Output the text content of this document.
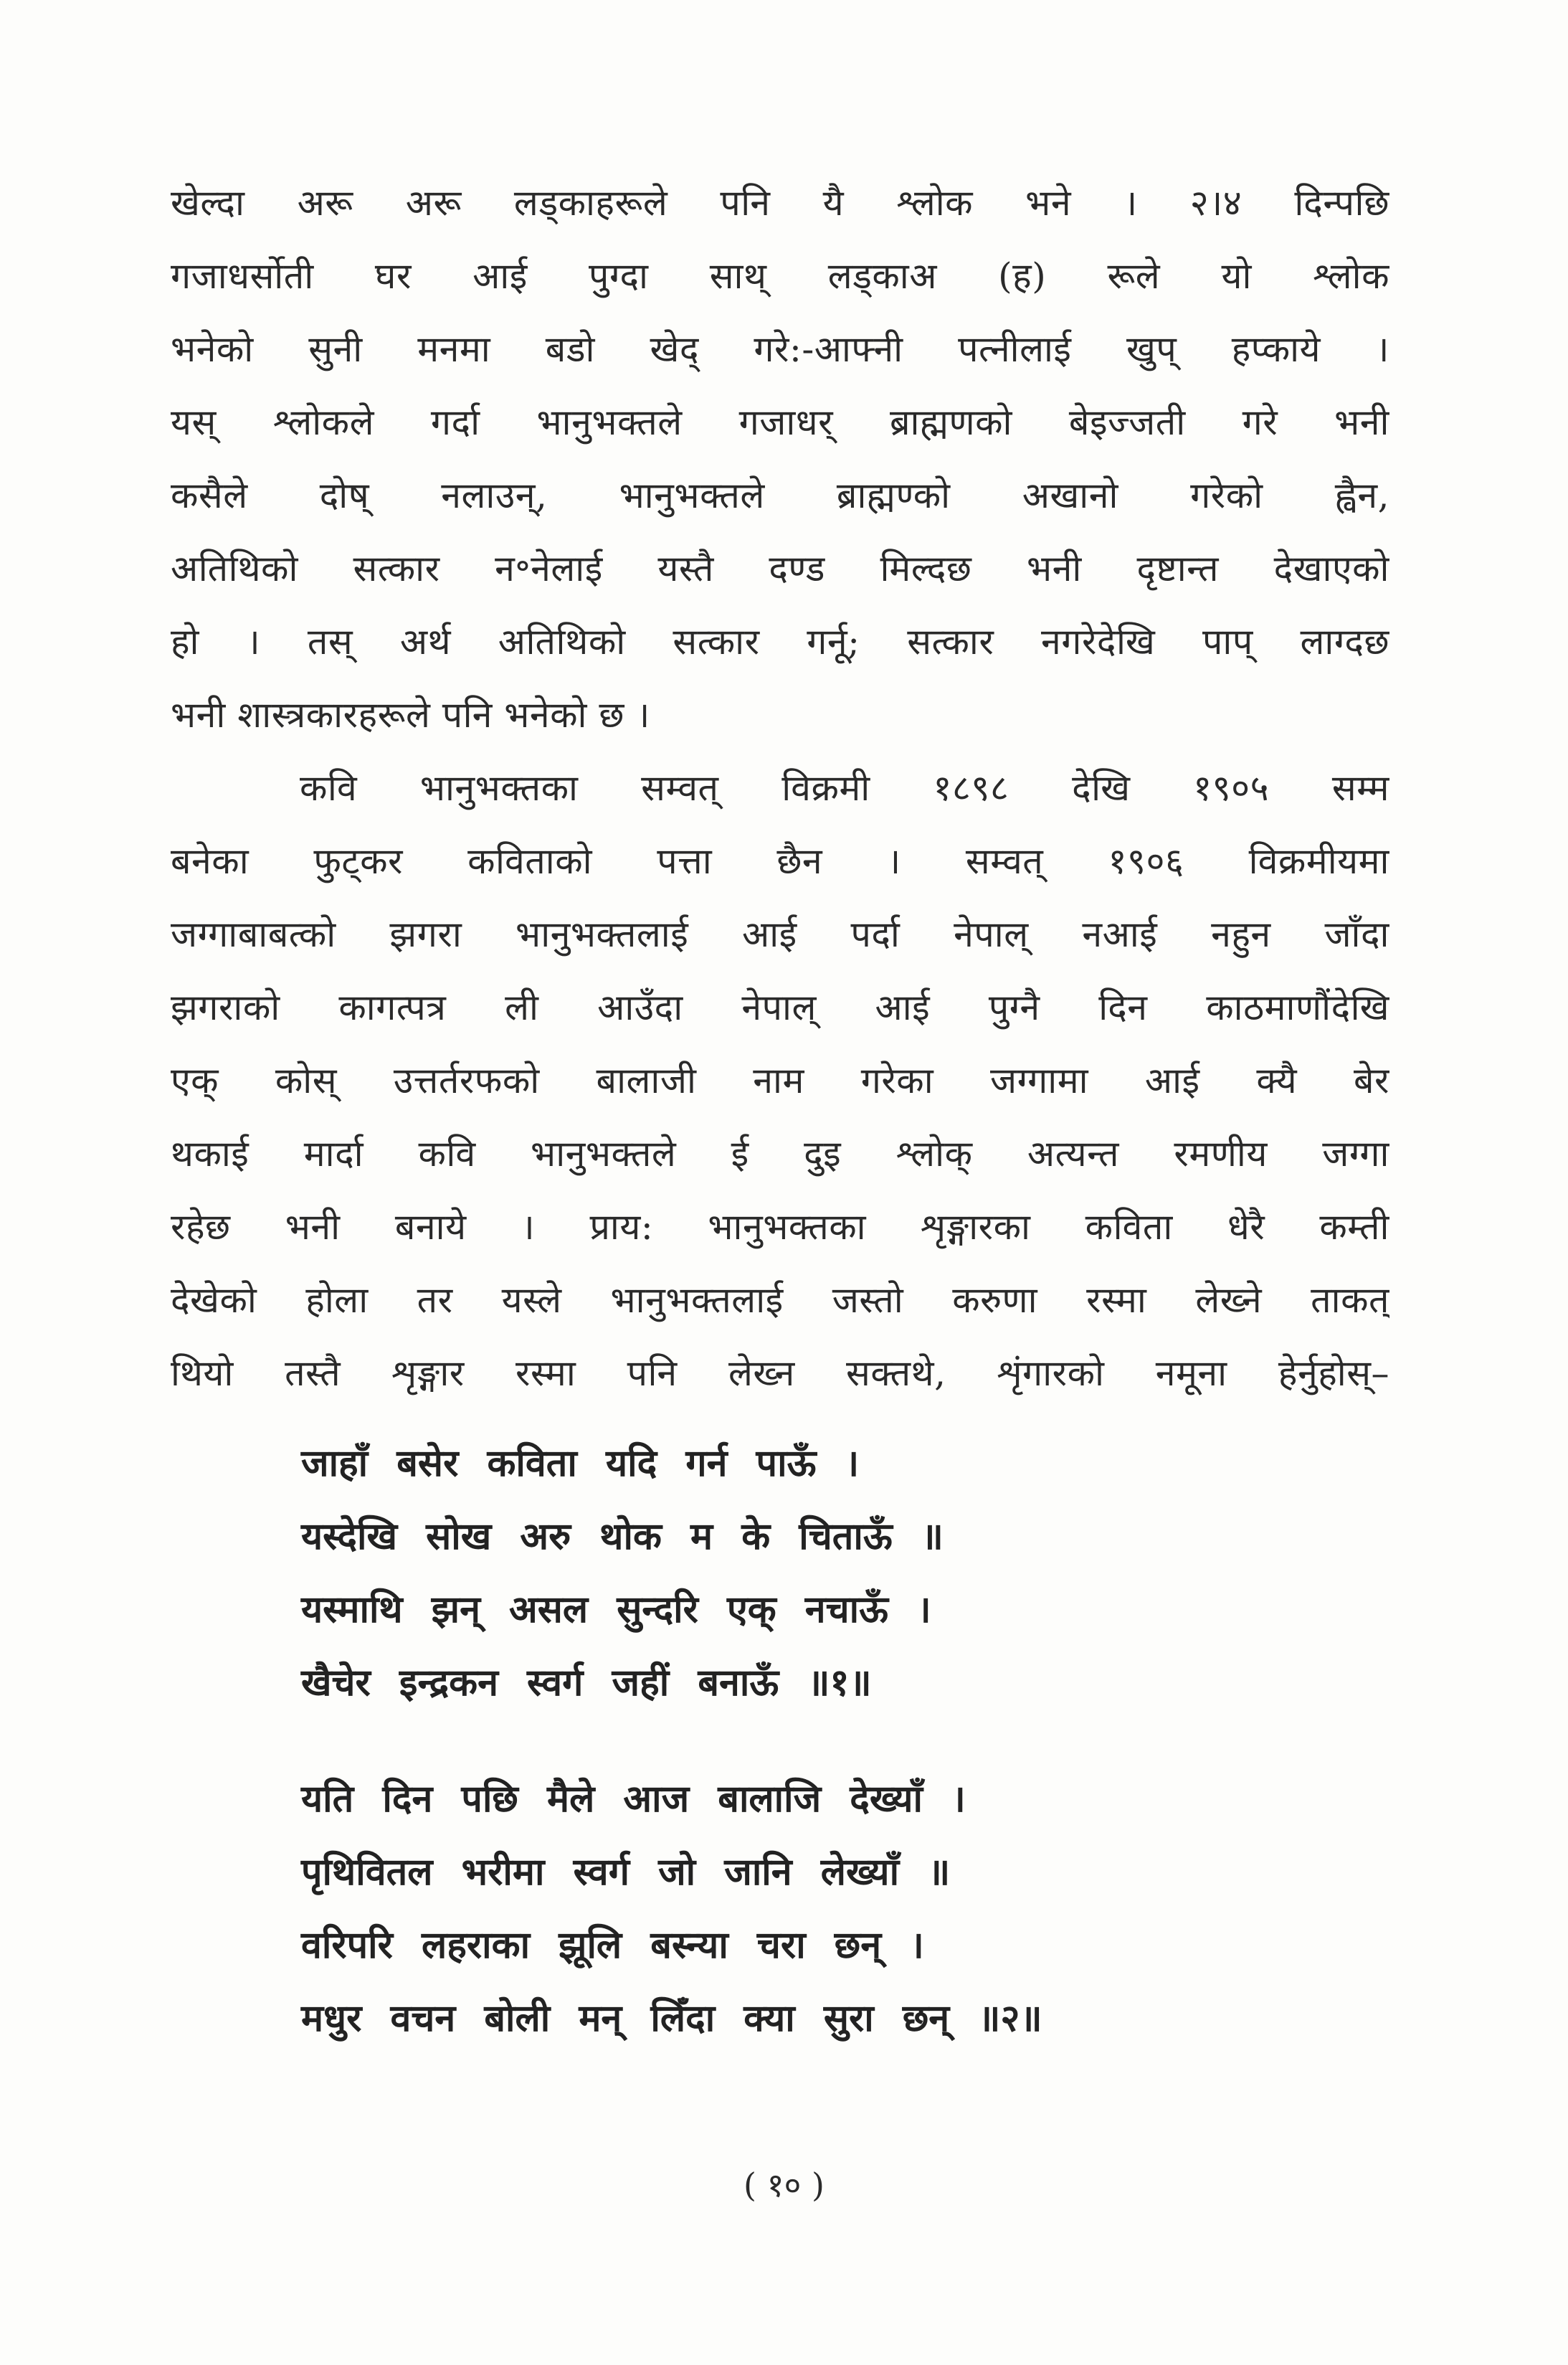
खेल्दा अरू अरू लड्काहरूले पनि यै श्लोक भने । २।४ दिन्पछि
गजाधर्सोती घर आई पुग्दा साथ् लड्काअ (ह) रूले यो श्लोक
भनेको सुनी मनमा बडो खेद् गरे:-आफ्नी पत्नीलाई खुप् हप्काये ।
यस् श्लोकले गर्दा भानुभक्तले गजाधर् ब्राह्मणको बेइज्जती गरे भनी
कसैले दोष् नलाउन्, भानुभक्तले ब्राह्मण्को अखानो गरेको ह्वैन,
अतिथिको सत्कार न॰नेलाई यस्तै दण्ड मिल्दछ भनी दृष्टान्त देखाएको
हो । तस् अर्थ अतिथिको सत्कार गर्नू; सत्कार नगरेदेखि पाप् लाग्दछ
भनी शास्त्रकारहरूले पनि भनेको छ ।
कवि भानुभक्तका सम्वत् विक्रमी १८९८ देखि १९०५ सम्म
बनेका फुट्कर कविताको पत्ता छैन । सम्वत् १९०६ विक्रमीयमा
जग्गाबाबत्को झगरा भानुभक्तलाई आई पर्दा नेपाल् नआई नहुन जाँदा
झगराको कागत्पत्र ली आउँदा नेपाल् आई पुग्नै दिन काठमाणौंदेखि
एक् कोस् उत्तर्तरफको बालाजी नाम गरेका जग्गामा आई क्यै बेर
थकाई मार्दा कवि भानुभक्तले ई दुइ श्लोक् अत्यन्त रमणीय जग्गा
रहेछ भनी बनाये । प्राय: भानुभक्तका शृङ्गारका कविता धेरै कम्ती
देखेको होला तर यस्ले भानुभक्तलाई जस्तो करुणा रस्मा लेख्ने ताकत्
थियो तस्तै शृङ्गार रस्मा पनि लेख्न सक्तथे, शृंगारको नमूना हेर्नुहोस्–
जाहाँ बसेर कविता यदि गर्न पाऊँ ।
यस्देखि सोख अरु थोक म के चिताऊँ ॥
यस्माथि झन् असल सुन्दरि एक् नचाऊँ ।
खैचेर इन्द्रकन स्वर्ग जहीं बनाऊँ ॥१॥
यति दिन पछि मैले आज बालाजि देख्याँ ।
पृथिवितल भरीमा स्वर्ग जो जानि लेख्याँ ॥
वरिपरि लहराका झूलि बस्न्या चरा छन् ।
मधुर वचन बोली मन् लिँदा क्या सुरा छन् ॥२॥
( १० )
